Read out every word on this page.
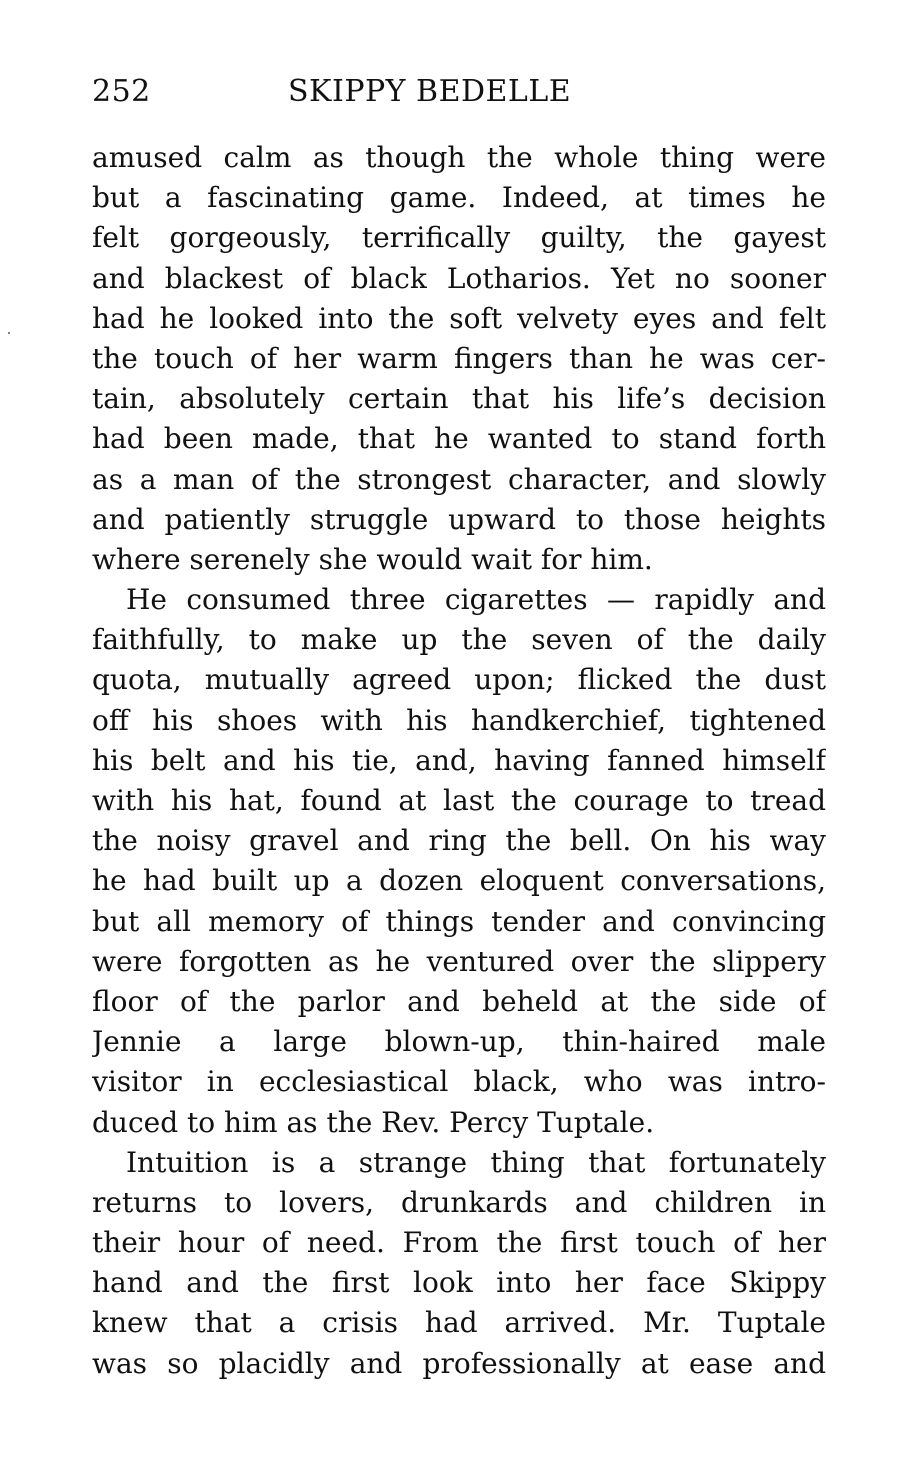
252	SKIPPY BEDELLE
amused calm as though the whole thing were
but a fascinating game. Indeed, at times he
felt gorgeously, terrifically guilty, the gayest
and blackest of black Lotharios. Yet no sooner
had he looked into the soft velvety eyes and felt
the touch of her warm fingers than he was cer-
tain, absolutely certain that his life’s decision
had been made, that he wanted to stand forth
as a man of the strongest character, and slowly
and patiently struggle upward to those heights
where serenely she would wait for him.
He consumed three cigarettes — rapidly and
faithfully, to make up the seven of the daily
quota, mutually agreed upon; flicked the dust
off his shoes with his handkerchief, tightened
his belt and his tie, and, having fanned himself
with his hat, found at last the courage to tread
the noisy gravel and ring the bell. On his way
he had built up a dozen eloquent conversations,
but all memory of things tender and convincing
were forgotten as he ventured over the slippery
floor of the parlor and beheld at the side of
Jennie a large blown-up, thin-haired male
visitor in ecclesiastical black, who was intro-
duced to him as the Rev. Percy Tuptale.
Intuition is a strange thing that fortunately
returns to lovers, drunkards and children in
their hour of need. From the first touch of her
hand and the first look into her face Skippy
knew that a crisis had arrived. Mr. Tuptale
was so placidly and professionally at ease and
